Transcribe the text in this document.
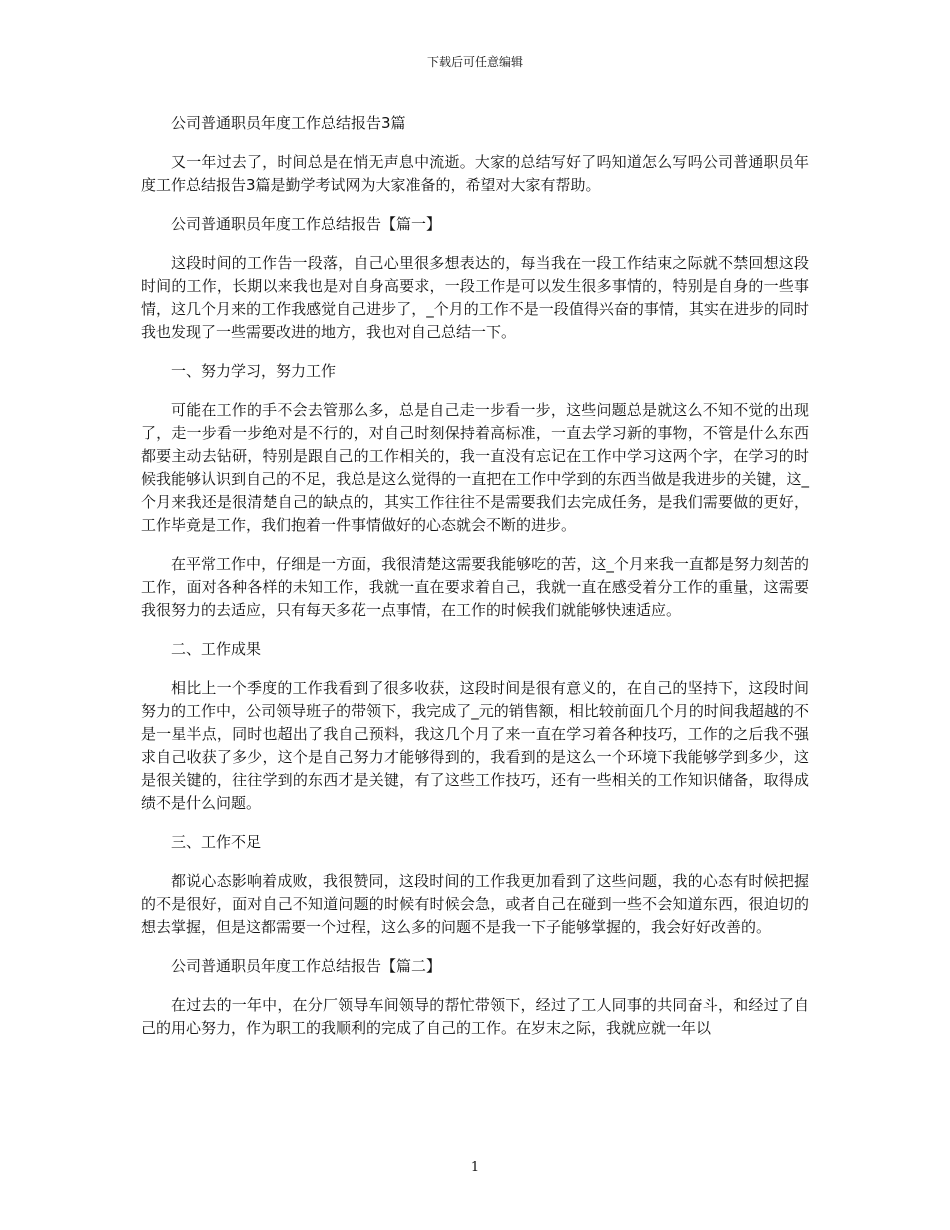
下载后可任意编辑

公司普通职员年度工作总结报告3篇

又一年过去了，时间总是在悄无声息中流逝。大家的总结写好了吗知道怎么写吗公司普通职员年度工作总结报告3篇是勤学考试网为大家准备的，希望对大家有帮助。

公司普通职员年度工作总结报告【篇一】

这段时间的工作告一段落，自己心里很多想表达的，每当我在一段工作结束之际就不禁回想这段时间的工作，长期以来我也是对自身高要求，一段工作是可以发生很多事情的，特别是自身的一些事情，这几个月来的工作我感觉自己进步了，_个月的工作不是一段值得兴奋的事情，其实在进步的同时我也发现了一些需要改进的地方，我也对自己总结一下。

一、努力学习，努力工作

可能在工作的手不会去管那么多，总是自己走一步看一步，这些问题总是就这么不知不觉的出现了，走一步看一步绝对是不行的，对自己时刻保持着高标准，一直去学习新的事物，不管是什么东西都要主动去钻研，特别是跟自己的工作相关的，我一直没有忘记在工作中学习这两个字，在学习的时候我能够认识到自己的不足，我总是这么觉得的一直把在工作中学到的东西当做是我进步的关键，这_个月来我还是很清楚自己的缺点的，其实工作往往不是需要我们去完成任务，是我们需要做的更好，工作毕竟是工作，我们抱着一件事情做好的心态就会不断的进步。

在平常工作中，仔细是一方面，我很清楚这需要我能够吃的苦，这_个月来我一直都是努力刻苦的工作，面对各种各样的未知工作，我就一直在要求着自己，我就一直在感受着分工作的重量，这需要我很努力的去适应，只有每天多花一点事情，在工作的时候我们就能够快速适应。

二、工作成果

相比上一个季度的工作我看到了很多收获，这段时间是很有意义的，在自己的坚持下，这段时间努力的工作中，公司领导班子的带领下，我完成了_元的销售额，相比较前面几个月的时间我超越的不是一星半点，同时也超出了我自己预料，我这几个月了来一直在学习着各种技巧，工作的之后我不强求自己收获了多少，这个是自己努力才能够得到的，我看到的是这么一个环境下我能够学到多少，这是很关键的，往往学到的东西才是关键，有了这些工作技巧，还有一些相关的工作知识储备，取得成绩不是什么问题。

三、工作不足

都说心态影响着成败，我很赞同，这段时间的工作我更加看到了这些问题，我的心态有时候把握的不是很好，面对自己不知道问题的时候有时候会急，或者自己在碰到一些不会知道东西，很迫切的想去掌握，但是这都需要一个过程，这么多的问题不是我一下子能够掌握的，我会好好改善的。

公司普通职员年度工作总结报告【篇二】

在过去的一年中，在分厂领导车间领导的帮忙带领下，经过了工人同事的共同奋斗，和经过了自己的用心努力，作为职工的我顺利的完成了自己的工作。在岁末之际，我就应就一年以

1
